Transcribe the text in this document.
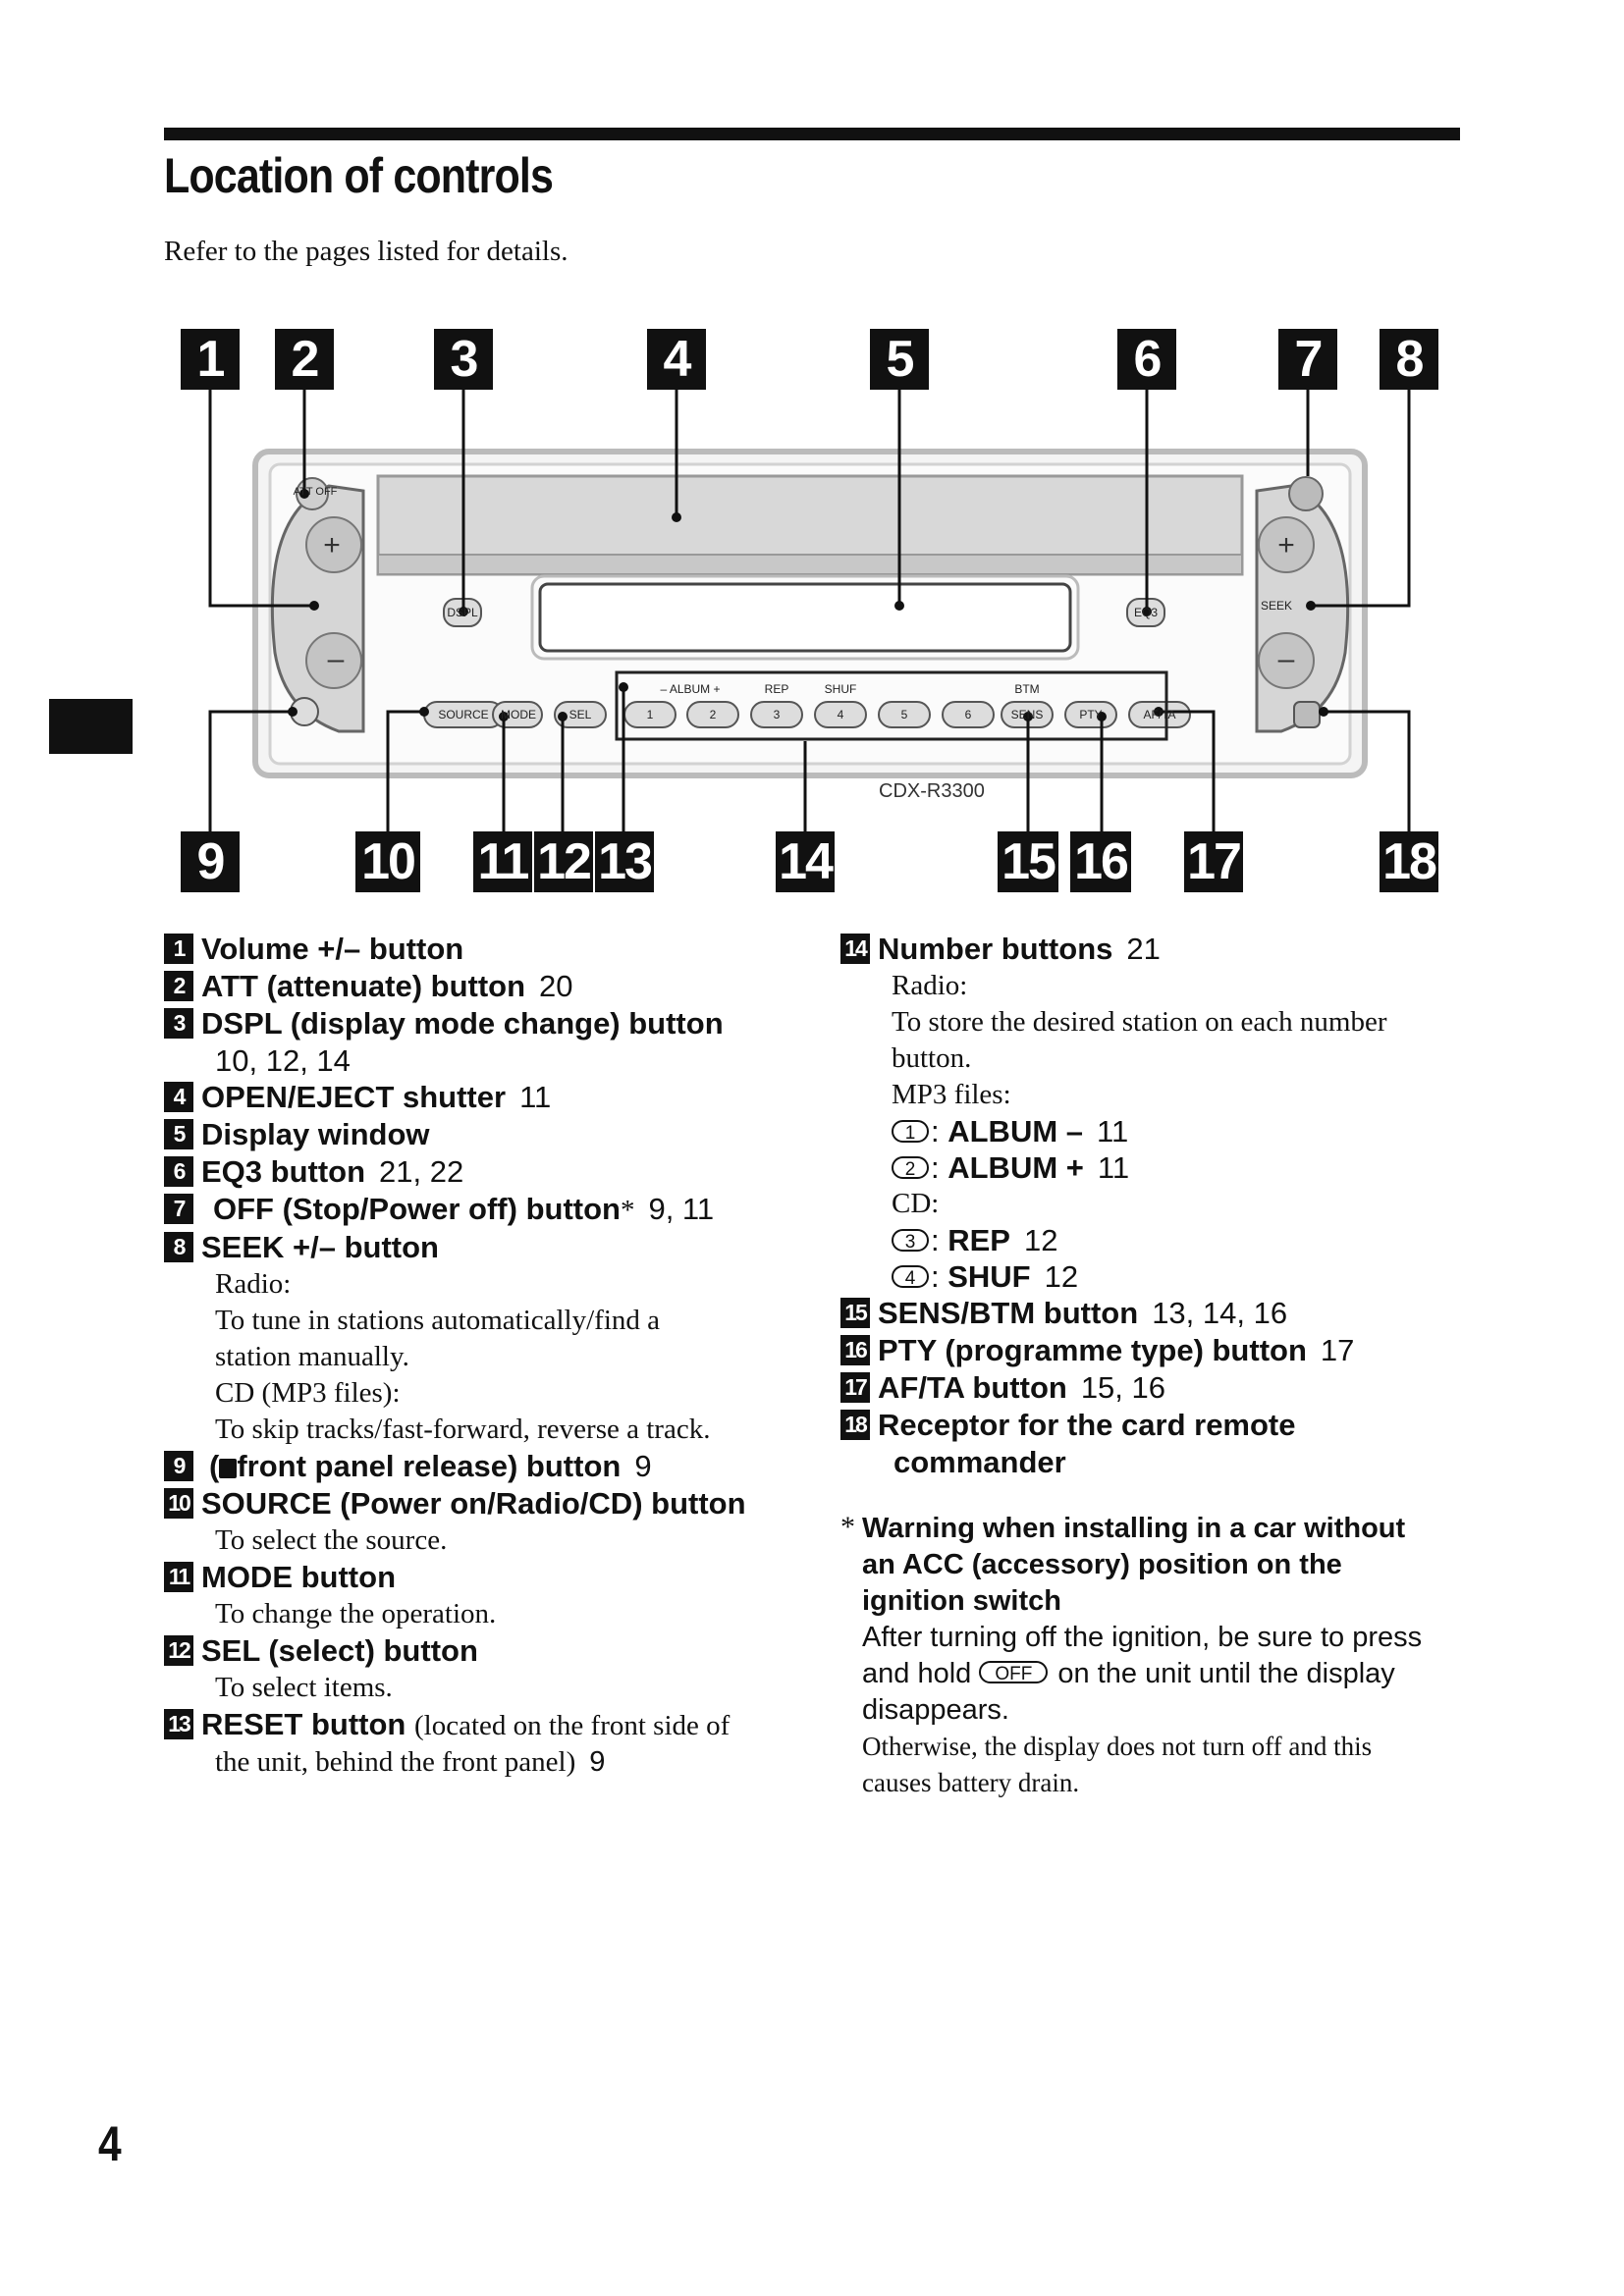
Location of controls
Refer to the pages listed for details.
+
–
+
–
1	2	3	4	5	6	7	8
9	10 11 12 13	14	15 16 17	18
ATT OFF
DSPL	EQ3	SEEK
SOURCE	MODE	SEL
– ALBUM +	REP	SHUF	BTM
1	2	3	4	5	6	SENS	PTY	AF/TA
CDX-R3300
1 Volume +/– button
2 ATT (attenuate) button 20
3 DSPL (display mode change) button
10, 12, 14
4 OPEN/EJECT shutter 11
5 Display window
6 EQ3 button 21, 22
7 OFF (Stop/Power off) button* 9, 11
8 SEEK +/– button
Radio:
To tune in stations automatically/find a
station manually.
CD (MP3 files):
To skip tracks/fast-forward, reverse a track.
9 ( front panel release) button 9
10 SOURCE (Power on/Radio/CD) button
To select the source.
11 MODE button
To change the operation.
12 SEL (select) button
To select items.
13 RESET button (located on the front side of
the unit, behind the front panel) 9
14 Number buttons 21
Radio:
To store the desired station on each number
button.
MP3 files:
1 : ALBUM – 11
2 : ALBUM + 11
CD:
3 : REP 12
4 : SHUF 12
15 SENS/BTM button 13, 14, 16
16 PTY (programme type) button 17
17 AF/TA button 15, 16
18 Receptor for the card remote
commander
* Warning when installing in a car without
an ACC (accessory) position on the
ignition switch
After turning off the ignition, be sure to press
and hold OFF on the unit until the display
disappears.
Otherwise, the display does not turn off and this
causes battery drain.
4
